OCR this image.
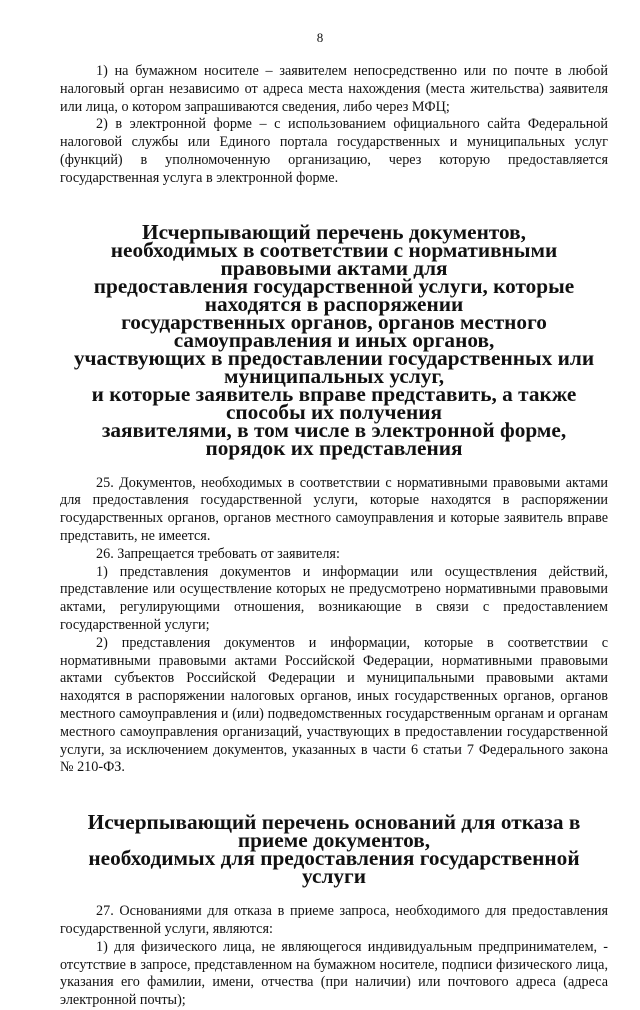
8

1) на бумажном носителе – заявителем непосредственно или по почте в любой налоговый орган независимо от адреса места нахождения (места жительства) заявителя или лица, о котором запрашиваются сведения, либо через МФЦ;

2) в электронной форме – с использованием официального сайта Федеральной налоговой службы или Единого портала государственных и муниципальных услуг (функций) в уполномоченную организацию, через которую предоставляется государственная услуга в электронной форме.

Исчерпывающий перечень документов,
необходимых в соответствии с нормативными правовыми актами для
предоставления государственной услуги, которые находятся в распоряжении
государственных органов, органов местного самоуправления и иных органов,
участвующих в предоставлении государственных или муниципальных услуг,
и которые заявитель вправе представить, а также способы их получения
заявителями, в том числе в электронной форме, порядок их представления

25. Документов, необходимых в соответствии с нормативными правовыми актами для предоставления государственной услуги, которые находятся в распоряжении государственных органов, органов местного самоуправления и которые заявитель вправе представить, не имеется.

26. Запрещается требовать от заявителя:

1) представления документов и информации или осуществления действий, представление или осуществление которых не предусмотрено нормативными правовыми актами, регулирующими отношения, возникающие в связи с предоставлением государственной услуги;

2) представления документов и информации, которые в соответствии с нормативными правовыми актами Российской Федерации, нормативными правовыми актами субъектов Российской Федерации и муниципальными правовыми актами находятся в распоряжении налоговых органов, иных государственных органов, органов местного самоуправления и (или) подведомственных государственным органам и органам местного самоуправления организаций, участвующих в предоставлении государственной услуги, за исключением документов, указанных в части 6 статьи 7 Федерального закона № 210-ФЗ.

Исчерпывающий перечень оснований для отказа в приеме документов,
необходимых для предоставления государственной услуги

27. Основаниями для отказа в приеме запроса, необходимого для предоставления государственной услуги, являются:

1) для физического лица, не являющегося индивидуальным предпринимателем, - отсутствие в запросе, представленном на бумажном носителе, подписи физического лица, указания его фамилии, имени, отчества (при наличии) или почтового адреса (адреса электронной почты);
